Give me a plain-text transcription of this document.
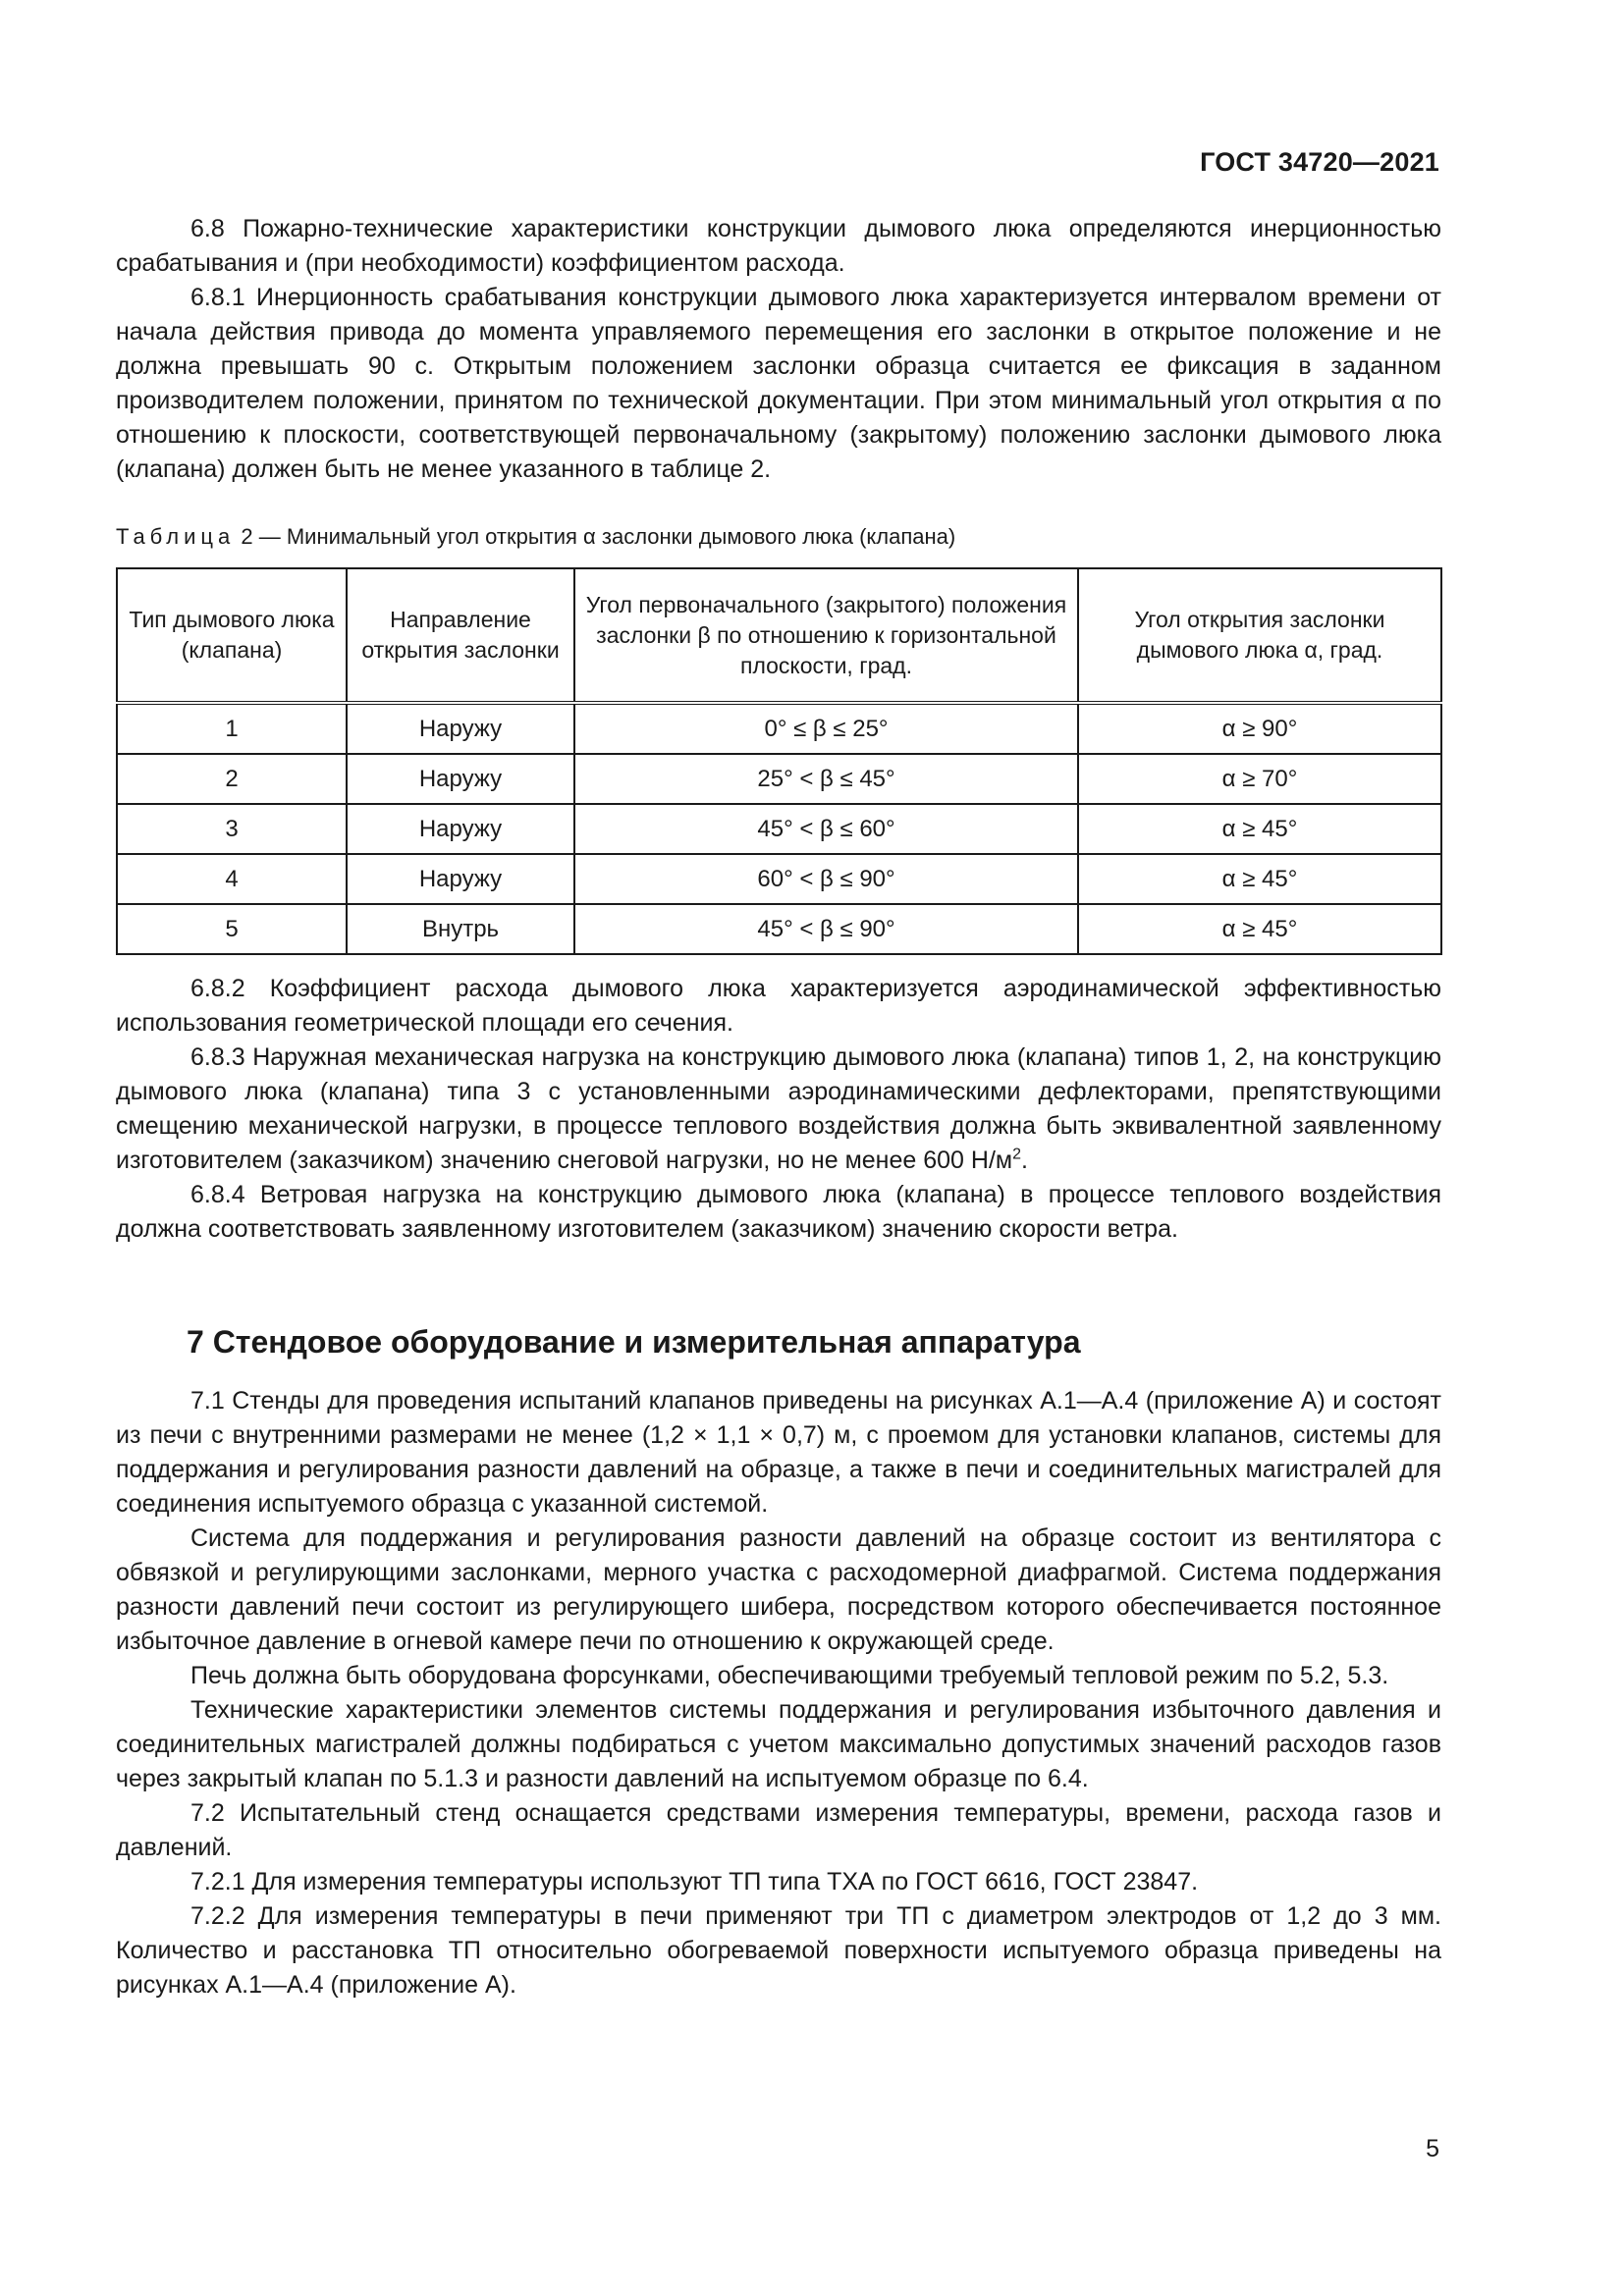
ГОСТ 34720—2021

6.8 Пожарно-технические характеристики конструкции дымового люка определяются инерционностью срабатывания и (при необходимости) коэффициентом расхода.

6.8.1 Инерционность срабатывания конструкции дымового люка характеризуется интервалом времени от начала действия привода до момента управляемого перемещения его заслонки в открытое положение и не должна превышать 90 с. Открытым положением заслонки образца считается ее фиксация в заданном производителем положении, принятом по технической документации. При этом минимальный угол открытия α по отношению к плоскости, соответствующей первоначальному (закрытому) положению заслонки дымового люка (клапана) должен быть не менее указанного в таблице 2.

Таблица 2 — Минимальный угол открытия α заслонки дымового люка (клапана)
Тип дымового люка (клапана)	Направление открытия заслонки	Угол первоначального (закрытого) положения заслонки β по отношению к горизонтальной плоскости, град.	Угол открытия заслонки дымового люка α, град.
1	Наружу	0° ≤ β ≤ 25°	α ≥ 90°
2	Наружу	25° < β ≤ 45°	α ≥ 70°
3	Наружу	45° < β ≤ 60°	α ≥ 45°
4	Наружу	60° < β ≤ 90°	α ≥ 45°
5	Внутрь	45° < β ≤ 90°	α ≥ 45°

6.8.2 Коэффициент расхода дымового люка характеризуется аэродинамической эффективностью использования геометрической площади его сечения.

6.8.3 Наружная механическая нагрузка на конструкцию дымового люка (клапана) типов 1, 2, на конструкцию дымового люка (клапана) типа 3 с установленными аэродинамическими дефлекторами, препятствующими смещению механической нагрузки, в процессе теплового воздействия должна быть эквивалентной заявленному изготовителем (заказчиком) значению снеговой нагрузки, но не менее 600 $Н/м^2$.

6.8.4 Ветровая нагрузка на конструкцию дымового люка (клапана) в процессе теплового воздействия должна соответствовать заявленному изготовителем (заказчиком) значению скорости ветра.

7 Стендовое оборудование и измерительная аппаратура

7.1 Стенды для проведения испытаний клапанов приведены на рисунках А.1—А.4 (приложение А) и состоят из печи с внутренними размерами не менее (1,2 × 1,1 × 0,7) м, с проемом для установки клапанов, системы для поддержания и регулирования разности давлений на образце, а также в печи и соединительных магистралей для соединения испытуемого образца с указанной системой.

Система для поддержания и регулирования разности давлений на образце состоит из вентилятора с обвязкой и регулирующими заслонками, мерного участка с расходомерной диафрагмой. Система поддержания разности давлений печи состоит из регулирующего шибера, посредством которого обеспечивается постоянное избыточное давление в огневой камере печи по отношению к окружающей среде.

Печь должна быть оборудована форсунками, обеспечивающими требуемый тепловой режим по 5.2, 5.3.

Технические характеристики элементов системы поддержания и регулирования избыточного давления и соединительных магистралей должны подбираться с учетом максимально допустимых значений расходов газов через закрытый клапан по 5.1.3 и разности давлений на испытуемом образце по 6.4.

7.2 Испытательный стенд оснащается средствами измерения температуры, времени, расхода газов и давлений.

7.2.1 Для измерения температуры используют ТП типа ТХА по ГОСТ 6616, ГОСТ 23847.

7.2.2 Для измерения температуры в печи применяют три ТП с диаметром электродов от 1,2 до 3 мм. Количество и расстановка ТП относительно обогреваемой поверхности испытуемого образца приведены на рисунках А.1—А.4 (приложение А).

5
